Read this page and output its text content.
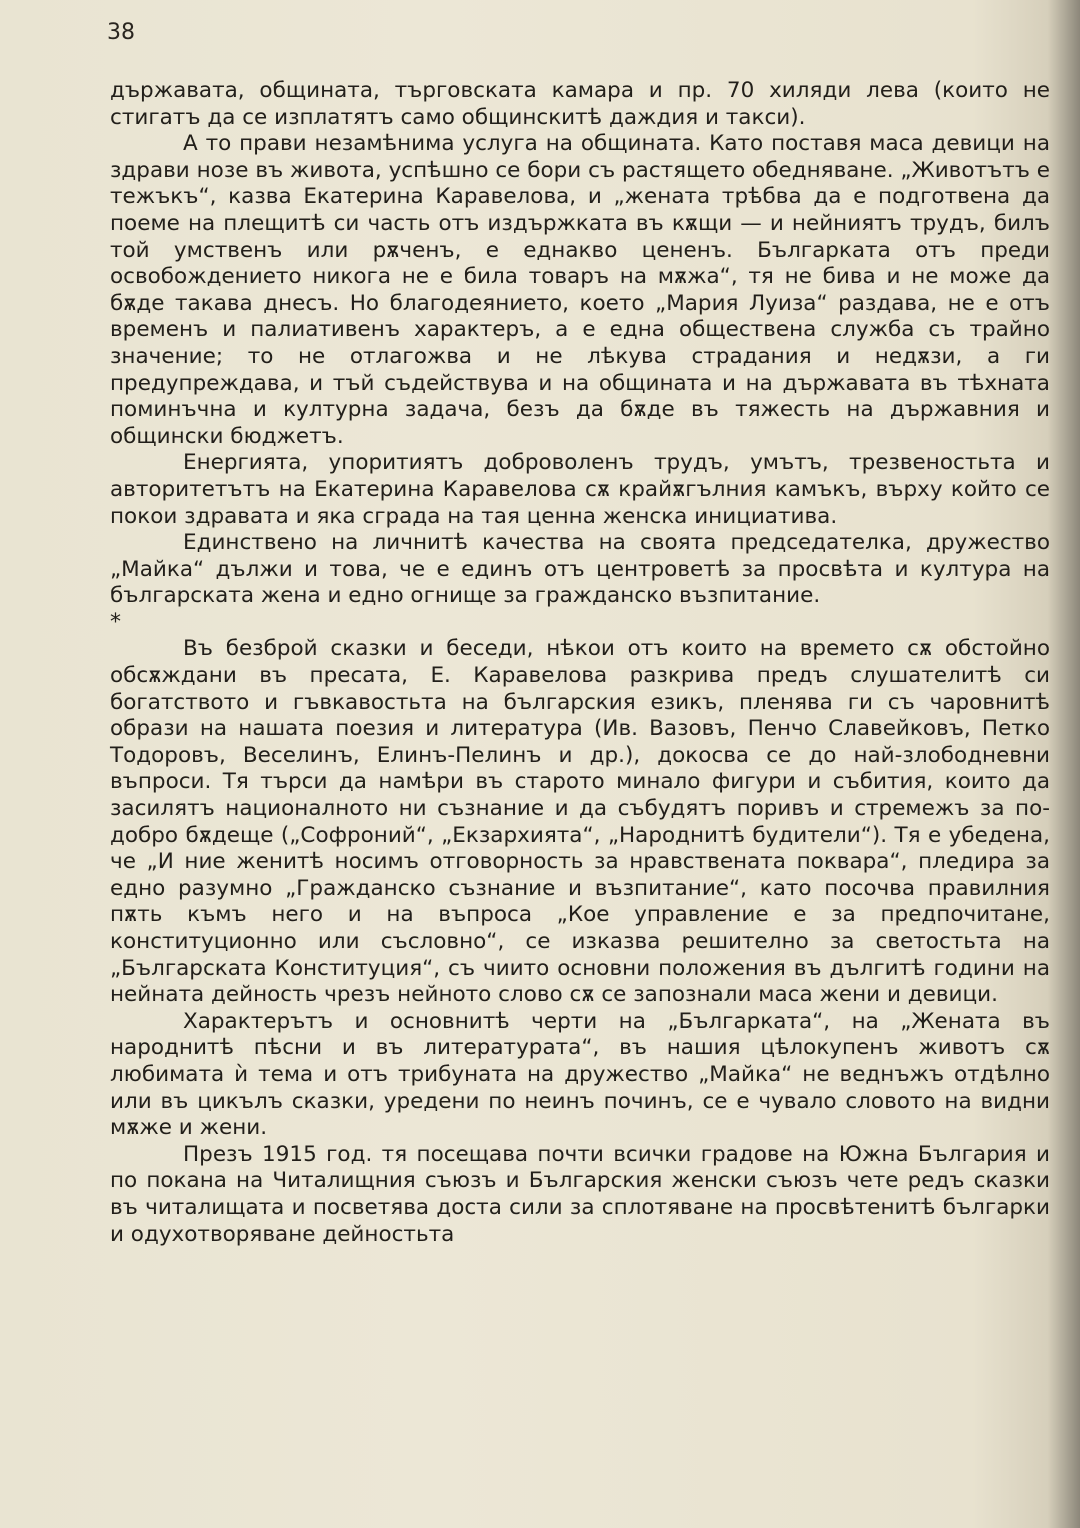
38

държавата, общината, търговската камара и пр. 70 хиляди лева (които не стигатъ да се изплатятъ само общинскитѣ даждия и такси).

А то прави незамѣнима услуга на общината. Като поставя маса девици на здрави нозе въ живота, успѣшно се бори съ растящето обедняване. „Животътъ е тежъкъ“, казва Екатерина Каравелова, и „жената трѣбва да е подготвена да поеме на плещитѣ си часть отъ издържката въ кѫщи — и нейниятъ трудъ, билъ той умственъ или рѫченъ, е еднакво цененъ. Българката отъ преди освобождението никога не е била товаръ на мѫжа“, тя не бива и не може да бѫде такава днесъ. Но благодеянието, което „Мария Луиза“ раздава, не е отъ временъ и палиативенъ характеръ, а е една обществена служба съ трайно значение; то не отлагожва и не лѣкува страдания и недѫзи, а ги предупреждава, и тъй съдействува и на общината и на държавата въ тѣхната поминъчна и културна задача, безъ да бѫде въ тяжесть на държавния и общински бюджетъ.

Енергията, упоритиятъ доброволенъ трудъ, умътъ, трезвеностьта и авторитетътъ на Екатерина Каравелова сѫ крайѫгълния камъкъ, върху който се покои здравата и яка сграда на тая ценна женска инициатива.

Единствено на личнитѣ качества на своята председателка, дружество „Майка“ дължи и това, че е единъ отъ центроветѣ за просвѣта и култура на българската жена и едно огнище за гражданско възпитание.

*

Въ безброй сказки и беседи, нѣкои отъ които на времето сѫ обстойно обсѫждани въ пресата, Е. Каравелова разкрива предъ слушателитѣ си богатството и гъвкавостьта на българския езикъ, пленява ги съ чаровнитѣ образи на нашата поезия и литература (Ив. Вазовъ, Пенчо Славейковъ, Петко Тодоровъ, Веселинъ, Елинъ-Пелинъ и др.), докосва се до най-злободневни въпроси. Тя търси да намѣри въ старото минало фигури и събития, които да засилятъ националното ни съзнание и да събудятъ поривъ и стремежъ за по-добро бѫдеще („Софроний“, „Екзархията“, „Народнитѣ будители“). Тя е убедена, че „И ние женитѣ носимъ отговорность за нравствената поквара“, пледира за едно разумно „Гражданско съзнание и възпитание“, като посочва правилния пѫть къмъ него и на въпроса „Кое управление е за предпочитане, конституционно или съсловно“, се изказва решително за светостьта на „Българската Конституция“, съ чиито основни положения въ дългитѣ години на нейната дейность чрезъ нейното слово сѫ се запознали маса жени и девици.

Характерътъ и основнитѣ черти на „Българката“, на „Жената въ народнитѣ пѣсни и въ литературата“, въ нашия цѣлокупенъ животъ сѫ любимата ѝ тема и отъ трибуната на дружество „Майка“ не веднъжъ отдѣлно или въ цикълъ сказки, уредени по неинъ починъ, се е чувало словото на видни мѫже и жени.

Презъ 1915 год. тя посещава почти всички градове на Южна България и по покана на Читалищния съюзъ и Българския женски съюзъ чете редъ сказки въ читалищата и посветява доста сили за сплотяване на просвѣтенитѣ българки и одухотворяване дейностьта
